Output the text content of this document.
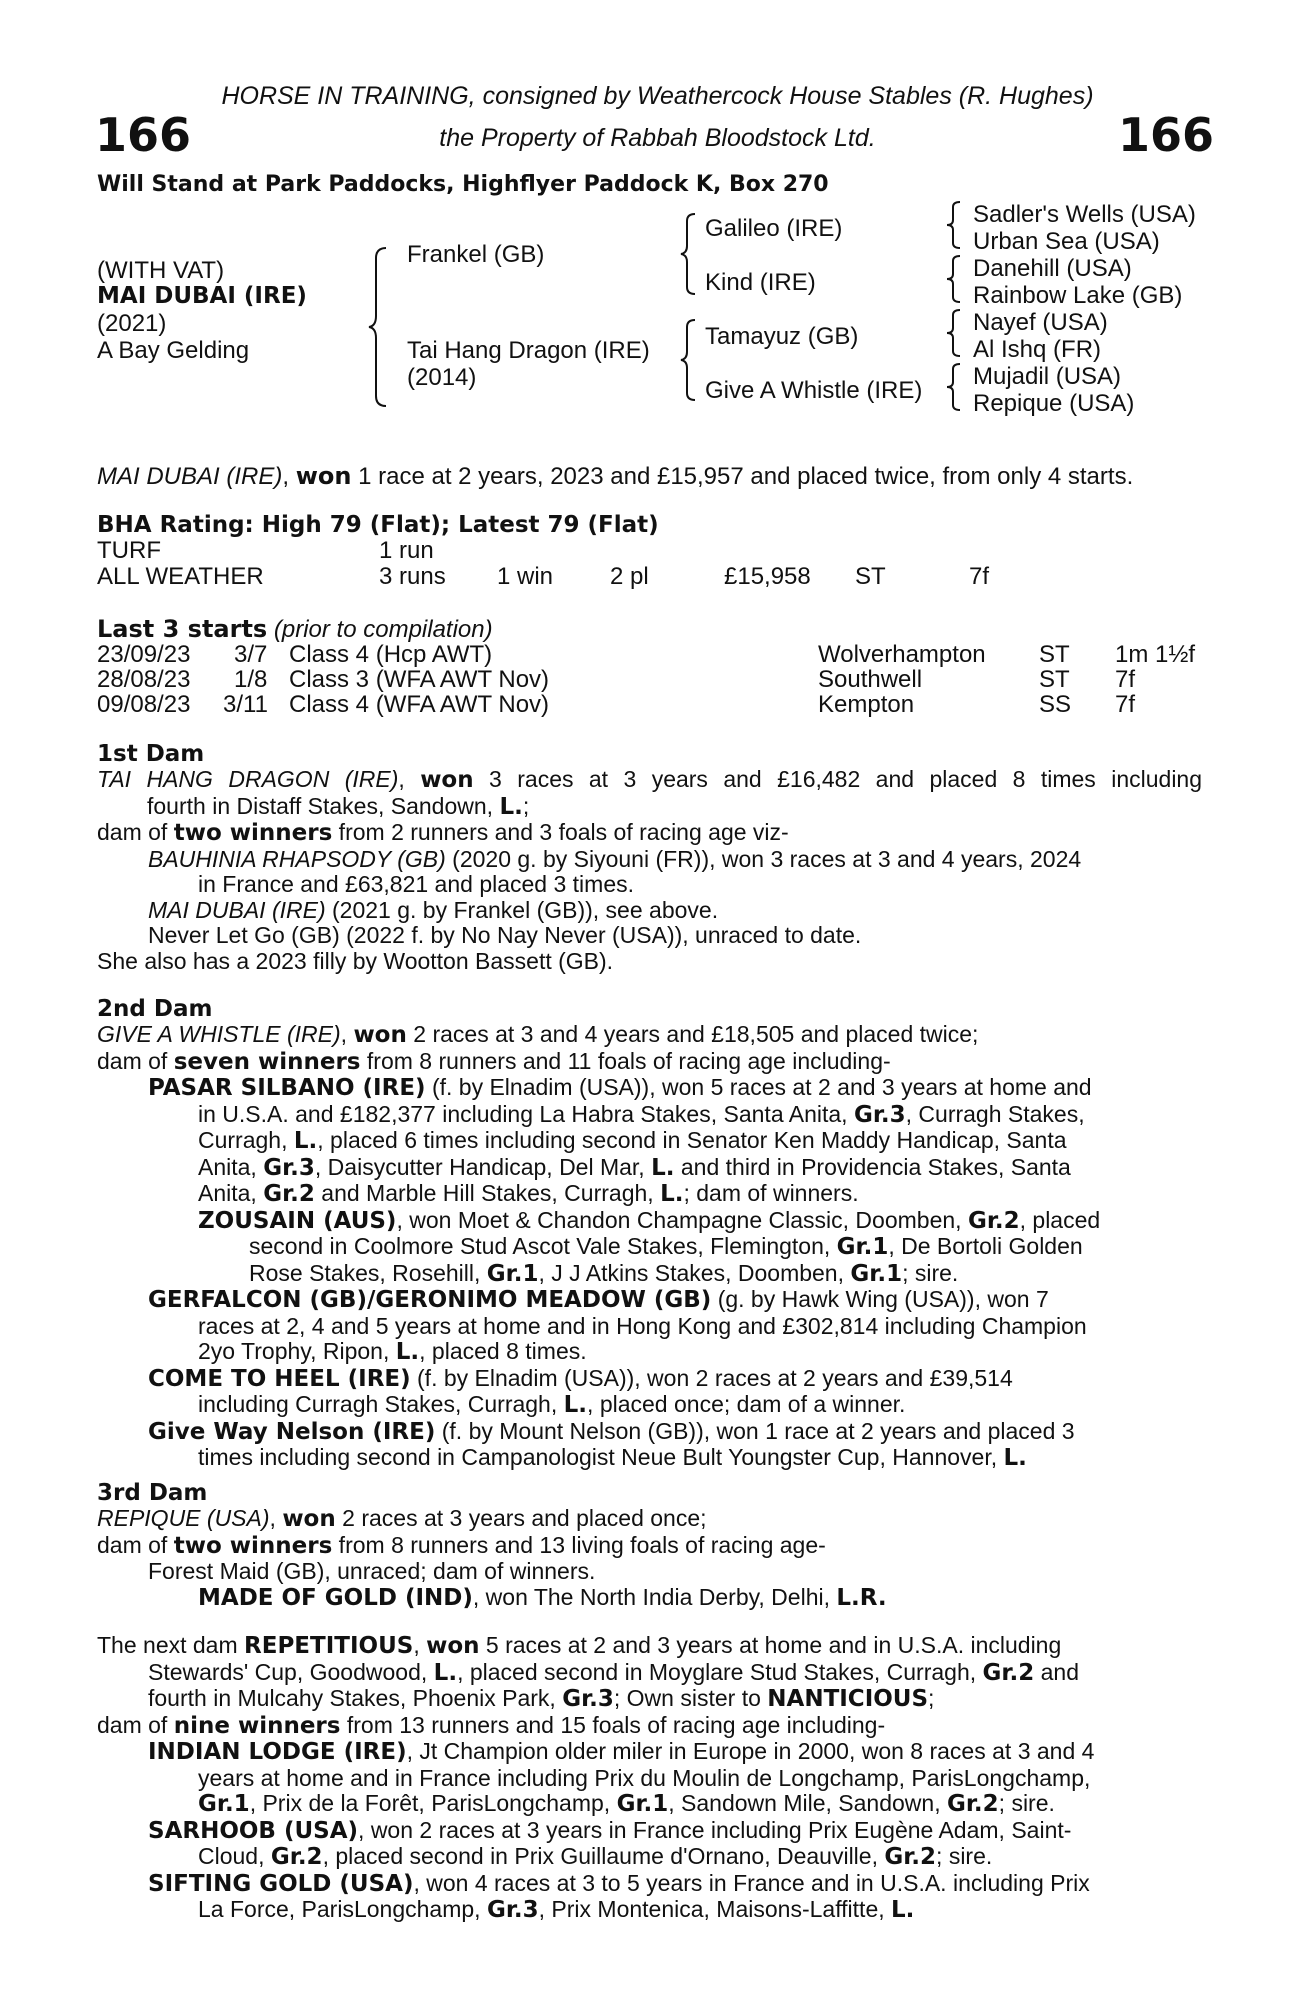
HORSE IN TRAINING, consigned by Weathercock House Stables (R. Hughes)
the Property of Rabbah Bloodstock Ltd.
166	166
Will Stand at Park Paddocks, Highflyer Paddock K, Box 270
(WITH VAT)
MAI DUBAI (IRE)
(2021)
A Bay Gelding
Frankel (GB)
Tai Hang Dragon (IRE)
(2014)
Galileo (IRE)
Kind (IRE)
Tamayuz (GB)
Give A Whistle (IRE)
Sadler's Wells (USA)
Urban Sea (USA)
Danehill (USA)
Rainbow Lake (GB)
Nayef (USA)
Al Ishq (FR)
Mujadil (USA)
Repique (USA)
MAI DUBAI (IRE), won 1 race at 2 years, 2023 and £15,957 and placed twice, from only 4 starts.
BHA Rating: High 79 (Flat); Latest 79 (Flat)
TURF	1 run
ALL WEATHER	3 runs 1 win 2 pl	£15,958 ST	7f
Last 3 starts (prior to compilation)
23/09/23 3/7 Class 4 (Hcp AWT)	Wolverhampton ST 1m 1½f
28/08/23 1/8 Class 3 (WFA AWT Nov)	Southwell	ST 7f
09/08/23 3/11 Class 4 (WFA AWT Nov)	Kempton	SS 7f
1st Dam
TAI HANG DRAGON (IRE), won 3 races at 3 years and £16,482 and placed 8 times including
fourth in Distaff Stakes, Sandown, L.;
dam of two winners from 2 runners and 3 foals of racing age viz-
BAUHINIA RHAPSODY (GB) (2020 g. by Siyouni (FR)), won 3 races at 3 and 4 years, 2024
in France and £63,821 and placed 3 times.
MAI DUBAI (IRE) (2021 g. by Frankel (GB)), see above.
Never Let Go (GB) (2022 f. by No Nay Never (USA)), unraced to date.
She also has a 2023 filly by Wootton Bassett (GB).
2nd Dam
GIVE A WHISTLE (IRE), won 2 races at 3 and 4 years and £18,505 and placed twice;
dam of seven winners from 8 runners and 11 foals of racing age including-
PASAR SILBANO (IRE) (f. by Elnadim (USA)), won 5 races at 2 and 3 years at home and
in U.S.A. and £182,377 including La Habra Stakes, Santa Anita, Gr.3, Curragh Stakes,
Curragh, L., placed 6 times including second in Senator Ken Maddy Handicap, Santa
Anita, Gr.3, Daisycutter Handicap, Del Mar, L. and third in Providencia Stakes, Santa
Anita, Gr.2 and Marble Hill Stakes, Curragh, L.; dam of winners.
ZOUSAIN (AUS), won Moet & Chandon Champagne Classic, Doomben, Gr.2, placed
second in Coolmore Stud Ascot Vale Stakes, Flemington, Gr.1, De Bortoli Golden
Rose Stakes, Rosehill, Gr.1, J J Atkins Stakes, Doomben, Gr.1; sire.
GERFALCON (GB)/GERONIMO MEADOW (GB) (g. by Hawk Wing (USA)), won 7
races at 2, 4 and 5 years at home and in Hong Kong and £302,814 including Champion
2yo Trophy, Ripon, L., placed 8 times.
COME TO HEEL (IRE) (f. by Elnadim (USA)), won 2 races at 2 years and £39,514
including Curragh Stakes, Curragh, L., placed once; dam of a winner.
Give Way Nelson (IRE) (f. by Mount Nelson (GB)), won 1 race at 2 years and placed 3
times including second in Campanologist Neue Bult Youngster Cup, Hannover, L.
3rd Dam
REPIQUE (USA), won 2 races at 3 years and placed once;
dam of two winners from 8 runners and 13 living foals of racing age-
Forest Maid (GB), unraced; dam of winners.
MADE OF GOLD (IND), won The North India Derby, Delhi, L.R.
The next dam REPETITIOUS, won 5 races at 2 and 3 years at home and in U.S.A. including
Stewards' Cup, Goodwood, L., placed second in Moyglare Stud Stakes, Curragh, Gr.2 and
fourth in Mulcahy Stakes, Phoenix Park, Gr.3; Own sister to NANTICIOUS;
dam of nine winners from 13 runners and 15 foals of racing age including-
INDIAN LODGE (IRE), Jt Champion older miler in Europe in 2000, won 8 races at 3 and 4
years at home and in France including Prix du Moulin de Longchamp, ParisLongchamp,
Gr.1, Prix de la Forêt, ParisLongchamp, Gr.1, Sandown Mile, Sandown, Gr.2; sire.
SARHOOB (USA), won 2 races at 3 years in France including Prix Eugène Adam, Saint-
Cloud, Gr.2, placed second in Prix Guillaume d'Ornano, Deauville, Gr.2; sire.
SIFTING GOLD (USA), won 4 races at 3 to 5 years in France and in U.S.A. including Prix
La Force, ParisLongchamp, Gr.3, Prix Montenica, Maisons-Laffitte, L.
